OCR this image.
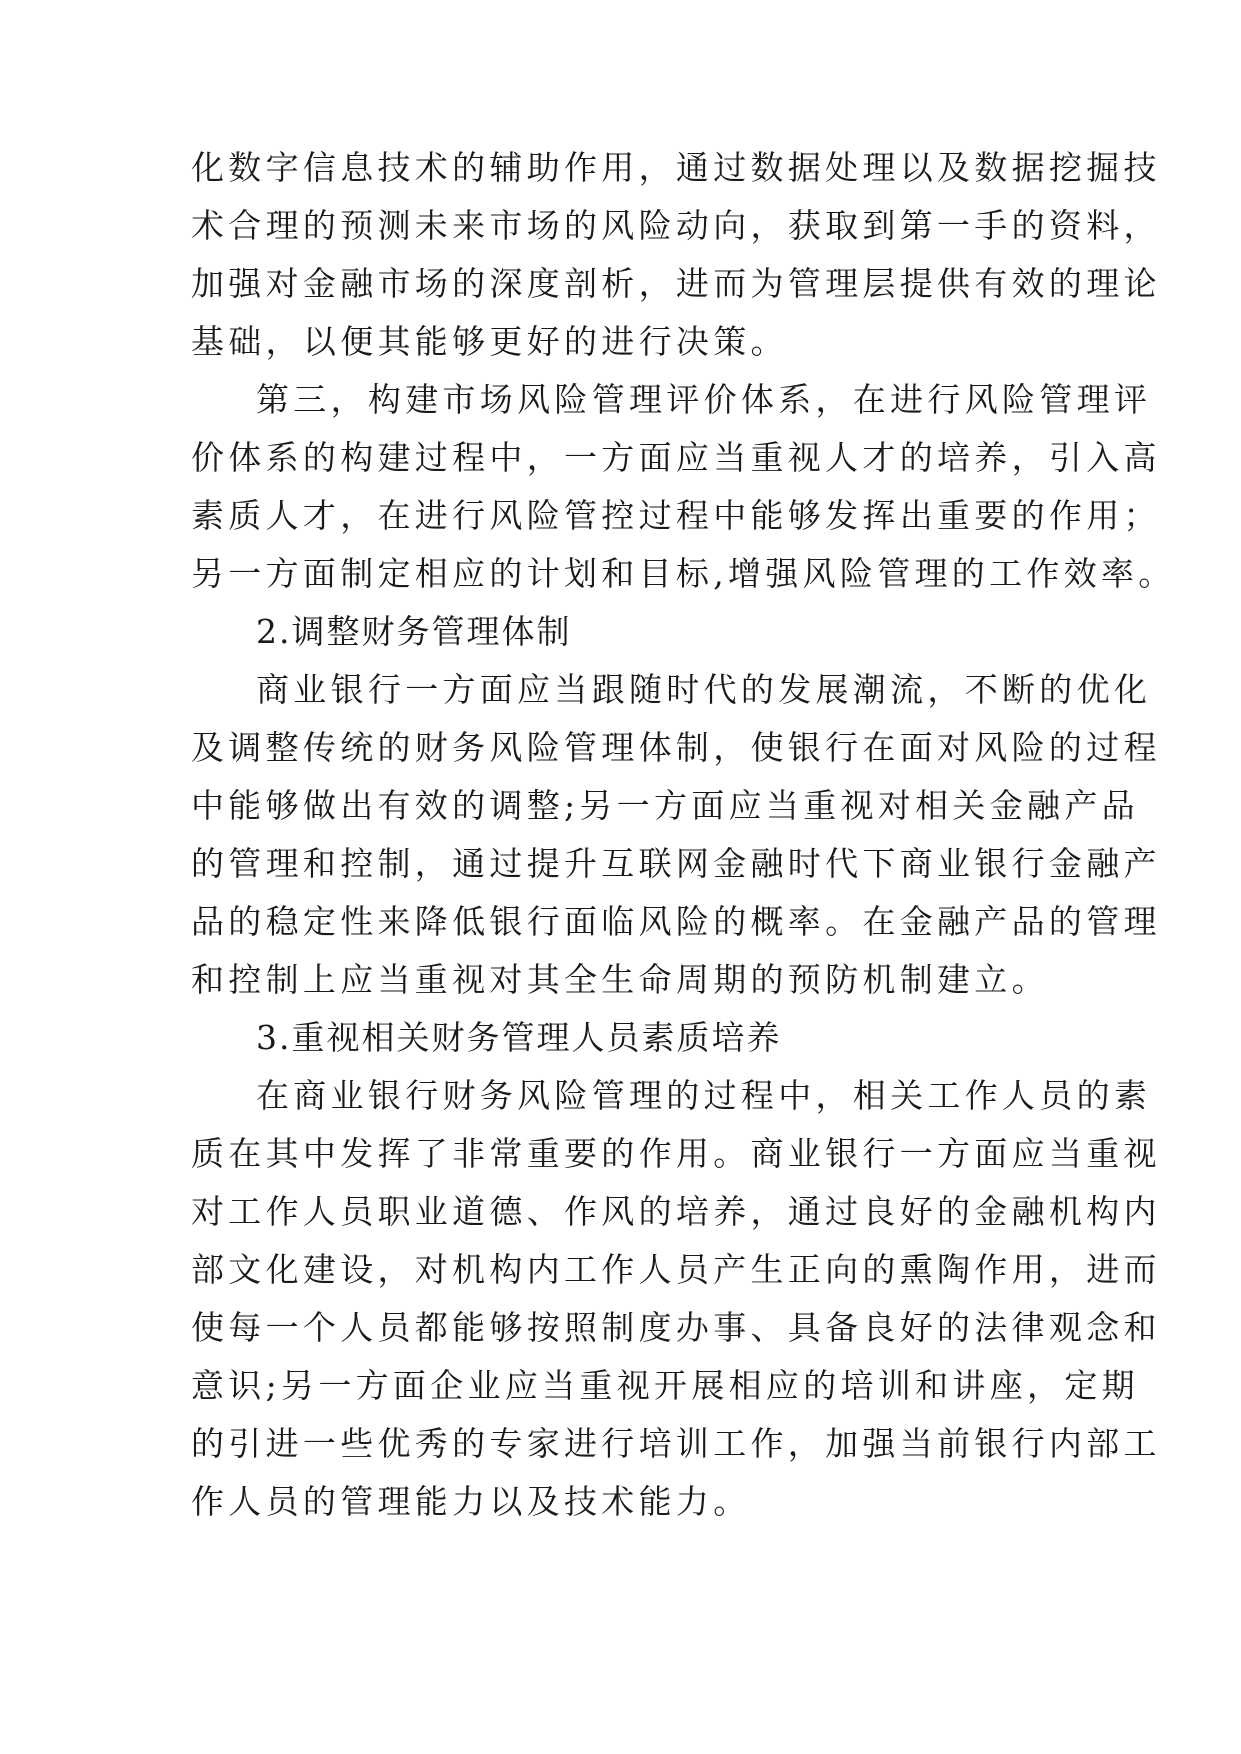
化数字信息技术的辅助作用，通过数据处理以及数据挖掘技
术合理的预测未来市场的风险动向，获取到第一手的资料，
加强对金融市场的深度剖析，进而为管理层提供有效的理论
基础，以便其能够更好的进行决策。
第三，构建市场风险管理评价体系，在进行风险管理评
价体系的构建过程中，一方面应当重视人才的培养，引入高
素质人才，在进行风险管控过程中能够发挥出重要的作用；
另一方面制定相应的计划和目标,增强风险管理的工作效率。
2.调整财务管理体制
商业银行一方面应当跟随时代的发展潮流，不断的优化
及调整传统的财务风险管理体制，使银行在面对风险的过程
中能够做出有效的调整;另一方面应当重视对相关金融产品
的管理和控制，通过提升互联网金融时代下商业银行金融产
品的稳定性来降低银行面临风险的概率。在金融产品的管理
和控制上应当重视对其全生命周期的预防机制建立。
3.重视相关财务管理人员素质培养
在商业银行财务风险管理的过程中，相关工作人员的素
质在其中发挥了非常重要的作用。商业银行一方面应当重视
对工作人员职业道德、作风的培养，通过良好的金融机构内
部文化建设，对机构内工作人员产生正向的熏陶作用，进而
使每一个人员都能够按照制度办事、具备良好的法律观念和
意识;另一方面企业应当重视开展相应的培训和讲座，定期
的引进一些优秀的专家进行培训工作，加强当前银行内部工
作人员的管理能力以及技术能力。
